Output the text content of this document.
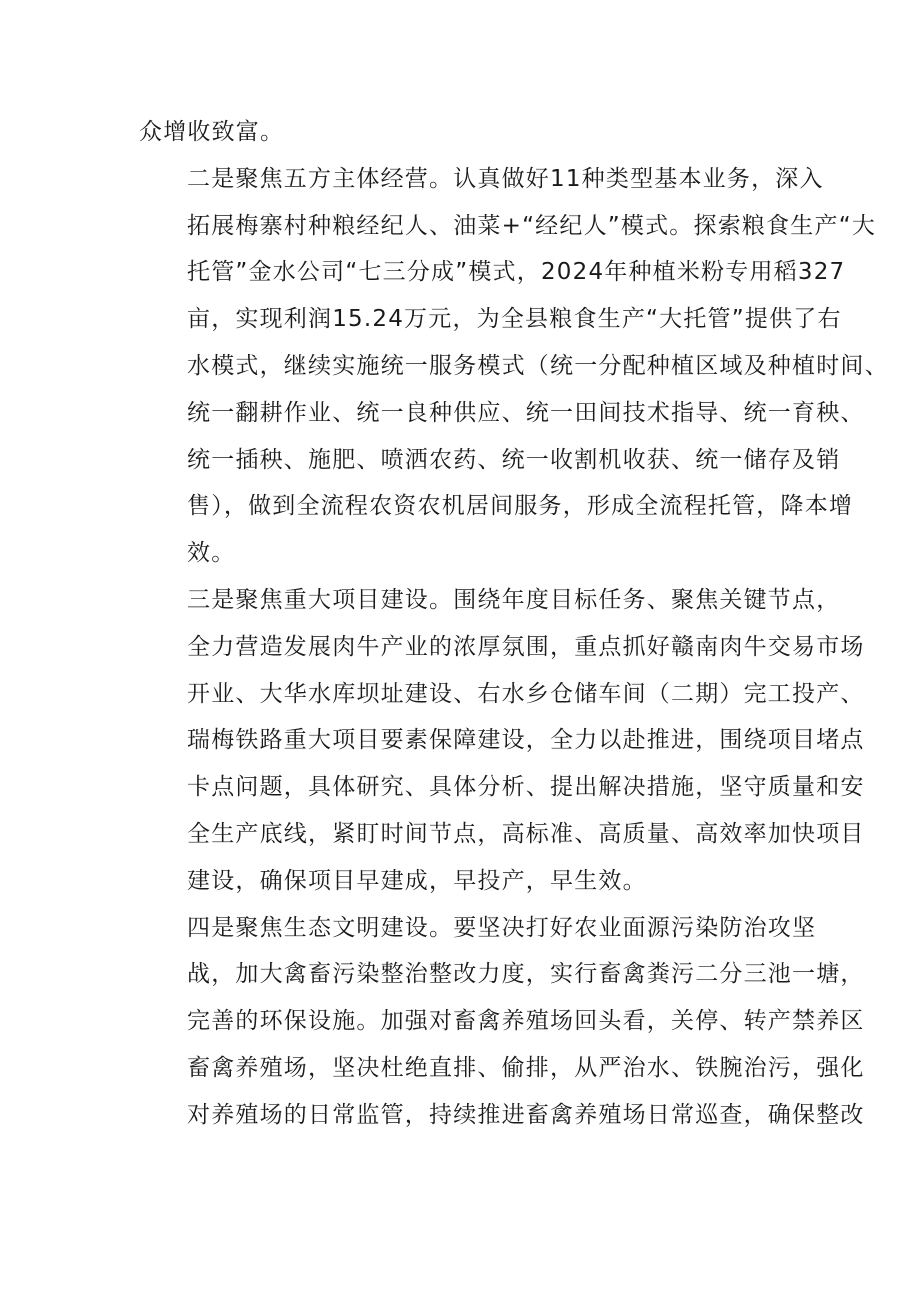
众增收致富。

二是聚焦五方主体经营。认真做好11种类型基本业务，深入
拓展梅寨村种粮经纪人、油菜+“经纪人”模式。探索粮食生产“大
托管”金水公司“七三分成”模式，2024年种植米粉专用稻327
亩，实现利润15.24万元，为全县粮食生产“大托管”提供了右
水模式，继续实施统一服务模式（统一分配种植区域及种植时间、
统一翻耕作业、统一良种供应、统一田间技术指导、统一育秧、
统一插秧、施肥、喷洒农药、统一收割机收获、统一储存及销
售），做到全流程农资农机居间服务，形成全流程托管，降本增
效。

三是聚焦重大项目建设。围绕年度目标任务、聚焦关键节点，
全力营造发展肉牛产业的浓厚氛围，重点抓好赣南肉牛交易市场
开业、大华水库坝址建设、右水乡仓储车间（二期）完工投产、
瑞梅铁路重大项目要素保障建设，全力以赴推进，围绕项目堵点
卡点问题，具体研究、具体分析、提出解决措施，坚守质量和安
全生产底线，紧盯时间节点，高标准、高质量、高效率加快项目
建设，确保项目早建成，早投产，早生效。

四是聚焦生态文明建设。要坚决打好农业面源污染防治攻坚
战，加大禽畜污染整治整改力度，实行畜禽粪污二分三池一塘，
完善的环保设施。加强对畜禽养殖场回头看，关停、转产禁养区
畜禽养殖场，坚决杜绝直排、偷排，从严治水、铁腕治污，强化
对养殖场的日常监管，持续推进畜禽养殖场日常巡查，确保整改
